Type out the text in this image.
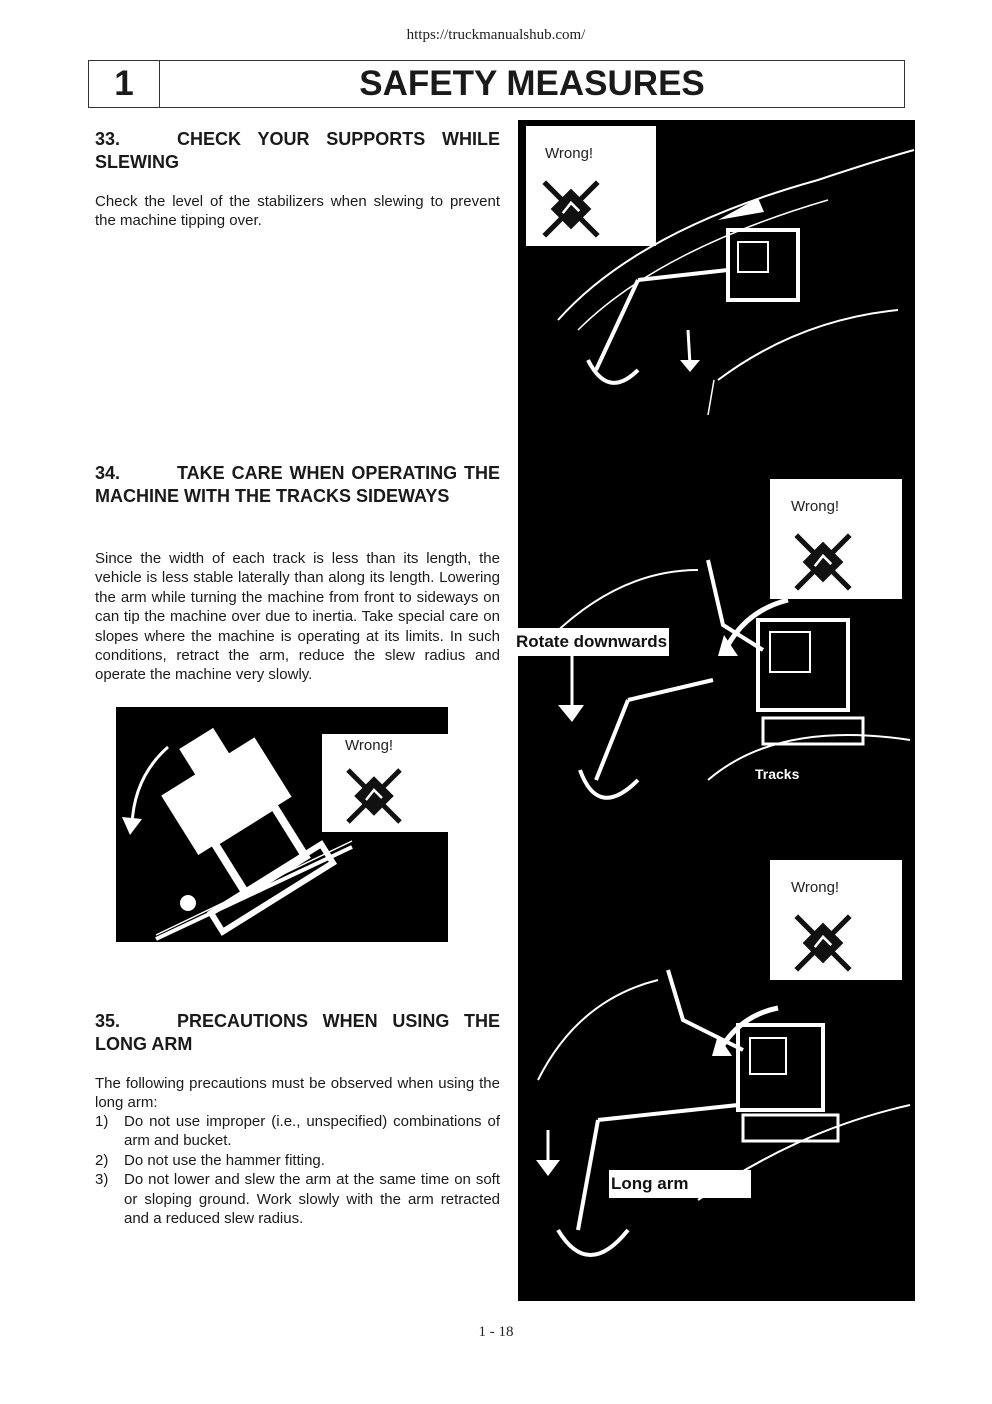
https://truckmanualshub.com/
1	SAFETY MEASURES
33.	CHECK YOUR SUPPORTS WHILE SLEWING
Check the level of the stabilizers when slewing to prevent the machine tipping over.
34.	TAKE CARE WHEN OPERATING THE MACHINE WITH THE TRACKS SIDEWAYS
Since the width of each track is less than its length, the vehicle is less stable laterally than along its length. Lowering the arm while turning the machine from front to sideways on can tip the machine over due to inertia. Take special care on slopes where the machine is operating at its limits. In such conditions, retract the arm, reduce the slew radius and operate the machine very slowly.
Wrong!
35.	PRECAUTIONS WHEN USING THE LONG ARM
The following precautions must be observed when using the long arm:
1) Do not use improper (i.e., unspecified) combinations of arm and bucket.
2) Do not use the hammer fitting.
3) Do not lower and slew the arm at the same time on soft or sloping ground. Work slowly with the arm retracted and a reduced slew radius.
Wrong!
Wrong!
Rotate downwards
Tracks
Wrong!
Long arm
1 - 18
